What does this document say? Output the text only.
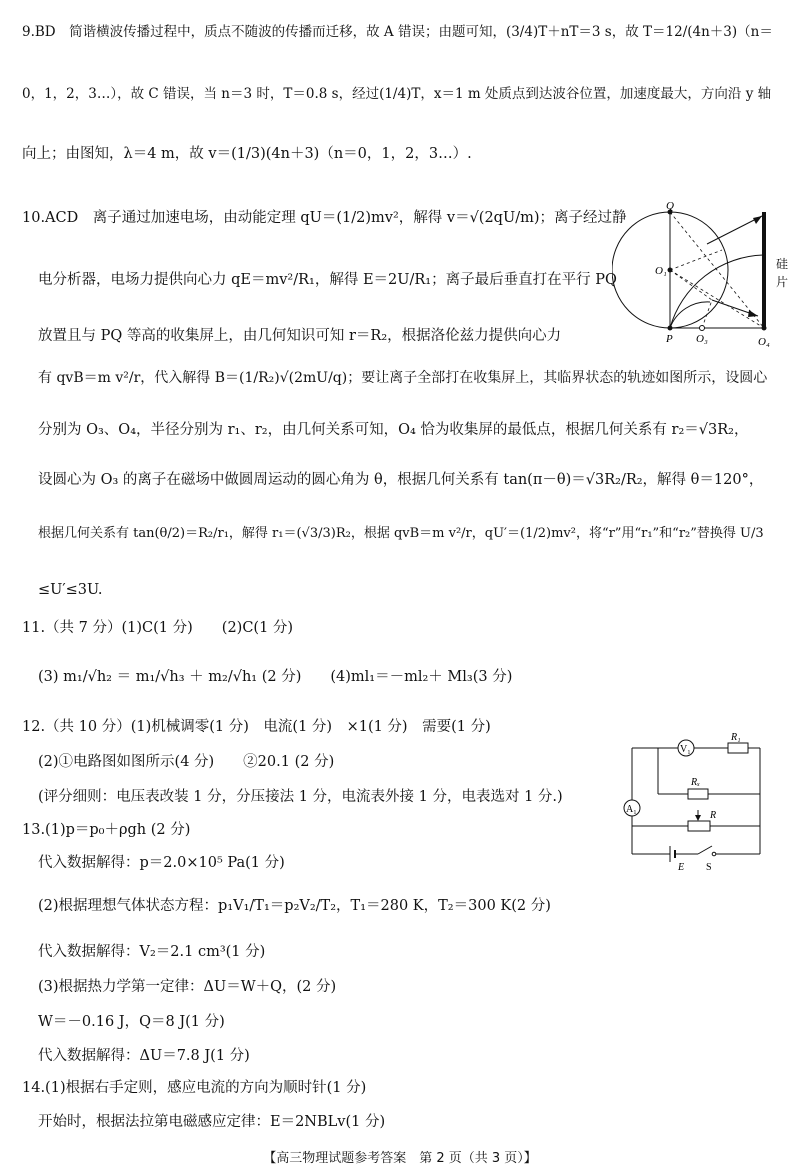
9.BD　简谐横波传播过程中，质点不随波的传播而迁移，故 A 错误；由题可知，(3/4)T＋nT＝3 s，故 T＝12/(4n＋3)（n＝
0，1，2，3…），故 C 错误，当 n＝3 时，T＝0.8 s，经过(1/4)T，x＝1 m 处质点到达波谷位置，加速度最大，方向沿 y 轴
向上；由图知，λ＝4 m，故 v＝(1/3)(4n＋3)（n＝0，1，2，3…）.
10.ACD　离子通过加速电场，由动能定理 qU＝(1/2)mv²，解得 v＝√(2qU/m)；离子经过静
电分析器，电场力提供向心力 qE＝mv²/R₁，解得 E＝2U/R₁；离子最后垂直打在平行 PQ
放置且与 PQ 等高的收集屏上，由几何知识可知 r＝R₂，根据洛伦兹力提供向心力
有 qvB＝m v²/r，代入解得 B＝(1/R₂)√(2mU/q)；要让离子全部打在收集屏上，其临界状态的轨迹如图所示，设圆心
分别为 O₃、O₄，半径分别为 r₁、r₂，由几何关系可知，O₄ 恰为收集屏的最低点，根据几何关系有 r₂＝√3R₂，
设圆心为 O₃ 的离子在磁场中做圆周运动的圆心角为 θ，根据几何关系有 tan(π－θ)＝√3R₂/R₂，解得 θ＝120°，
根据几何关系有 tan(θ/2)＝R₂/r₁，解得 r₁＝(√3/3)R₂，根据 qvB＝m v²/r，qU′＝(1/2)mv²，将“r”用“r₁”和“r₂”替换得 U/3
≤U′≤3U.
11.（共 7 分）(1)C(1 分)　　(2)C(1 分)
(3) m₁/√h₂ ＝ m₁/√h₃ ＋ m₂/√h₁ (2 分)　　(4)ml₁＝－ml₂＋ Ml₃(3 分)
12.（共 10 分）(1)机械调零(1 分)　电流(1 分)　×1(1 分)　需要(1 分)
(2)①电路图如图所示(4 分)　　②20.1 (2 分)
(评分细则：电压表改装 1 分，分压接法 1 分，电流表外接 1 分，电表选对 1 分.)
13.(1)p＝p₀＋ρgh (2 分)
代入数据解得：p＝2.0×10⁵ Pa(1 分)
(2)根据理想气体状态方程：p₁V₁/T₁＝p₂V₂/T₂，T₁＝280 K，T₂＝300 K(2 分)
代入数据解得：V₂＝2.1 cm³(1 分)
(3)根据热力学第一定律：ΔU＝W＋Q，(2 分)
W＝－0.16 J，Q＝8 J(1 分)
代入数据解得：ΔU＝7.8 J(1 分)
14.(1)根据右手定则，感应电流的方向为顺时针(1 分)
开始时，根据法拉第电磁感应定律：E＝2NBLv(1 分)
Q
O₁
P O₃	O₄
硅
片
V₁
R₁
Rₓ
A₁
R
E S
【高三物理试题参考答案　第 2 页（共 3 页）】
